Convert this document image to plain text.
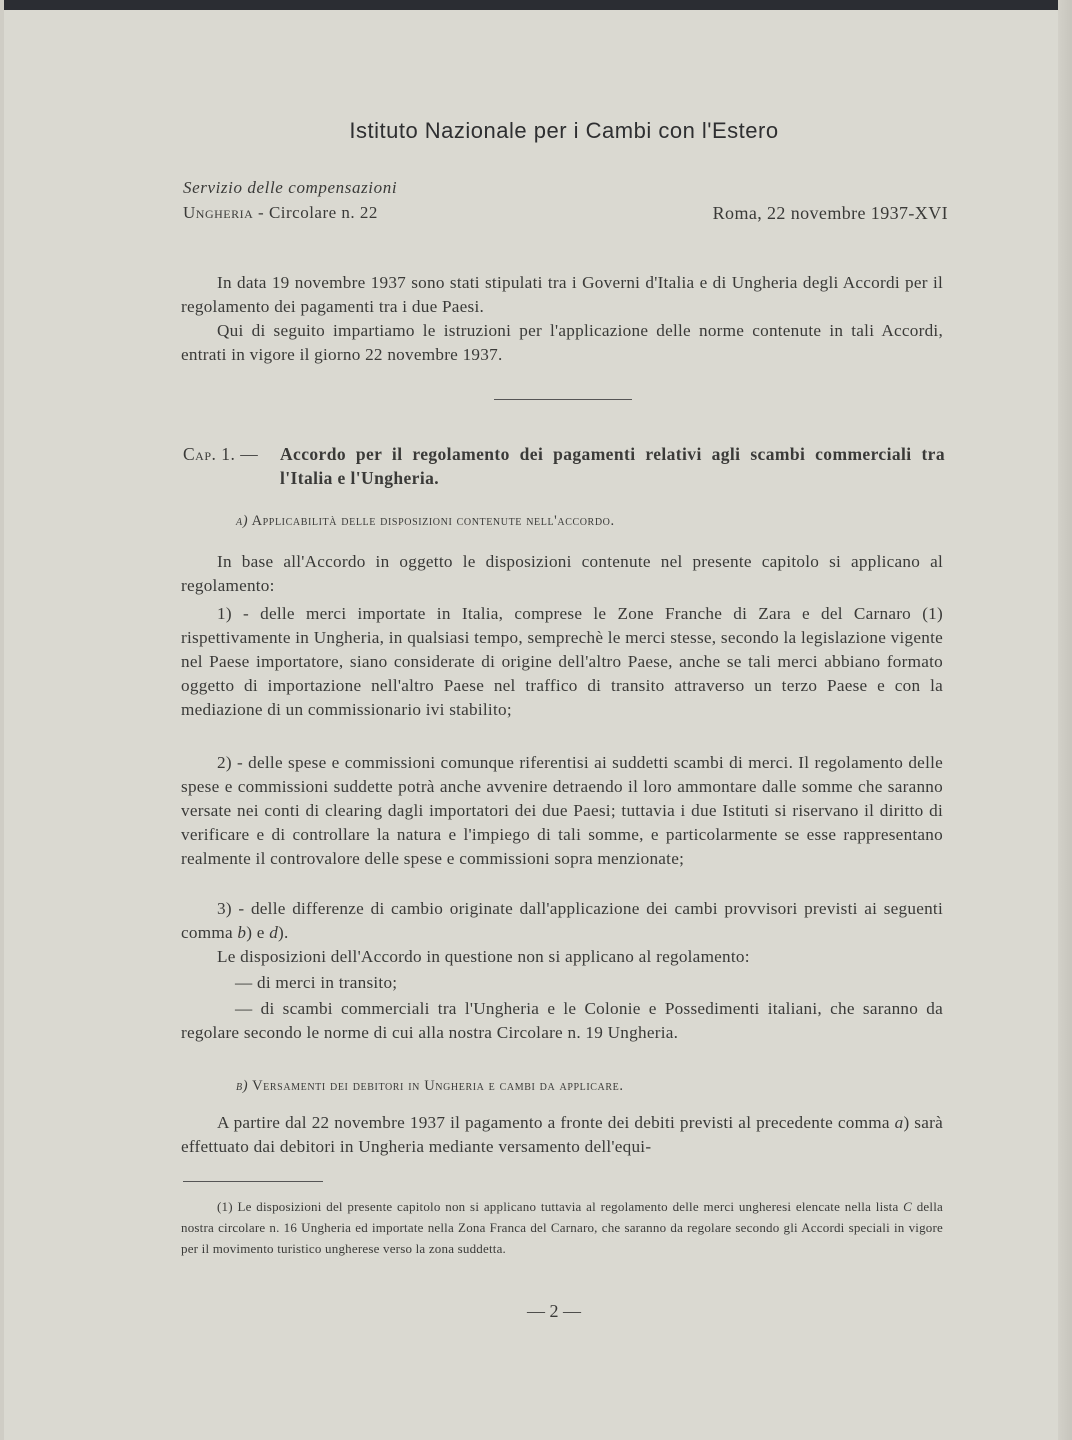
Istituto Nazionale per i Cambi con l'Estero
Servizio delle compensazioni
Ungheria - Circolare n. 22	Roma, 22 novembre 1937-XVI

In data 19 novembre 1937 sono stati stipulati tra i Governi d'Italia e di Ungheria degli Accordi per il regolamento dei pagamenti tra i due Paesi.

Qui di seguito impartiamo le istruzioni per l'applicazione delle norme contenute in tali Accordi, entrati in vigore il giorno 22 novembre 1937.

Cap. 1. —	Accordo per il regolamento dei pagamenti relativi agli scambi commerciali tra l'Italia e l'Ungheria.
a) Applicabilità delle disposizioni contenute nell'accordo.

In base all'Accordo in oggetto le disposizioni contenute nel presente capitolo si applicano al regolamento:

1) - delle merci importate in Italia, comprese le Zone Franche di Zara e del Carnaro (1) rispettivamente in Ungheria, in qualsiasi tempo, semprechè le merci stesse, secondo la legislazione vigente nel Paese importatore, siano considerate di origine dell'altro Paese, anche se tali merci abbiano formato oggetto di importazione nell'altro Paese nel traffico di transito attraverso un terzo Paese e con la mediazione di un commissionario ivi stabilito;

2) - delle spese e commissioni comunque riferentisi ai suddetti scambi di merci. Il regolamento delle spese e commissioni suddette potrà anche avvenire detraendo il loro ammontare dalle somme che saranno versate nei conti di clearing dagli importatori dei due Paesi; tuttavia i due Istituti si riservano il diritto di verificare e di controllare la natura e l'impiego di tali somme, e particolarmente se esse rappresentano realmente il controvalore delle spese e commissioni sopra menzionate;

3) - delle differenze di cambio originate dall'applicazione dei cambi provvisori previsti ai seguenti comma b) e d).

Le disposizioni dell'Accordo in questione non si applicano al regolamento:

— di merci in transito;

— di scambi commerciali tra l'Ungheria e le Colonie e Possedimenti italiani, che saranno da regolare secondo le norme di cui alla nostra Circolare n. 19 Ungheria.

b) Versamenti dei debitori in Ungheria e cambi da applicare.

A partire dal 22 novembre 1937 il pagamento a fronte dei debiti previsti al precedente comma a) sarà effettuato dai debitori in Ungheria mediante versamento dell'equi-

(1) Le disposizioni del presente capitolo non si applicano tuttavia al regolamento delle merci ungheresi elencate nella lista C della nostra circolare n. 16 Ungheria ed importate nella Zona Franca del Carnaro, che saranno da regolare secondo gli Accordi speciali in vigore per il movimento turistico ungherese verso la zona suddetta.

— 2 —
